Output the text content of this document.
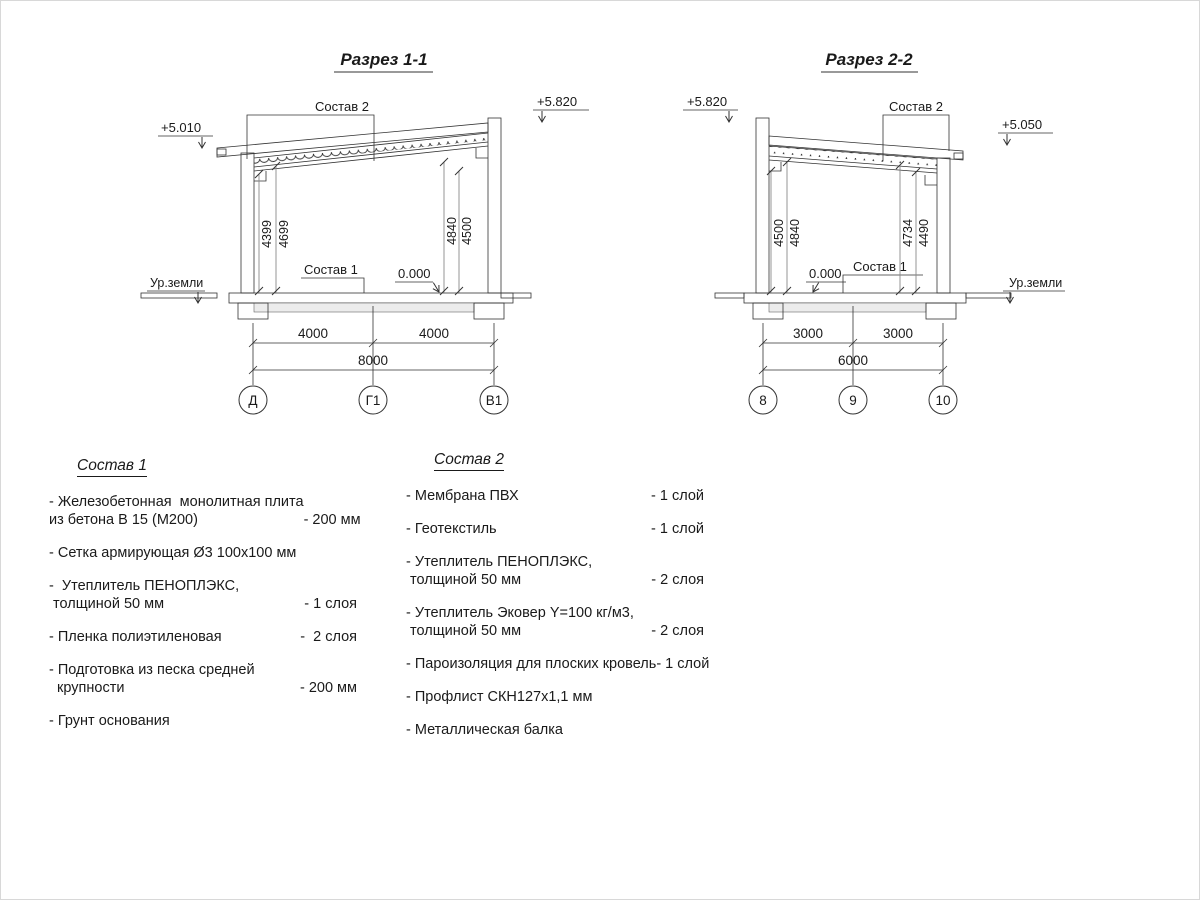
Разрез 1-1
Состав 2
Состав 1	0.000
Ур.земли
+5.010
+5.820
4399 4699	4840 4500
4000	4000
8000
Д	Г1	В1
Разрез 2-2
Состав 2
Состав 1
0.000
Ур.земли
+5.820
+5.050
4500 4840	4734 4490
3000	3000
6000
8	9	10
Состав 1
- Железобетонная  монолитная плита
из бетона В 15 (М200)	- 200 мм
- Сетка армирующая Ø3 100х100 мм
-  Утеплитель ПЕНОПЛЭКС,
толщиной 50 мм	- 1 слоя
- Пленка полиэтиленовая	-  2 слоя
- Подготовка из песка средней
крупности	- 200 мм
- Грунт основания
Состав 2
- Мембрана ПВХ	- 1 слой
- Геотекстиль	- 1 слой
- Утеплитель ПЕНОПЛЭКС,
толщиной 50 мм	- 2 слоя
- Утеплитель Эковер Y=100 кг/м3,
толщиной 50 мм	- 2 слоя
- Пароизоляция для плоских кровель - 1 слой
- Профлист СКН127х1,1 мм
- Металлическая балка
